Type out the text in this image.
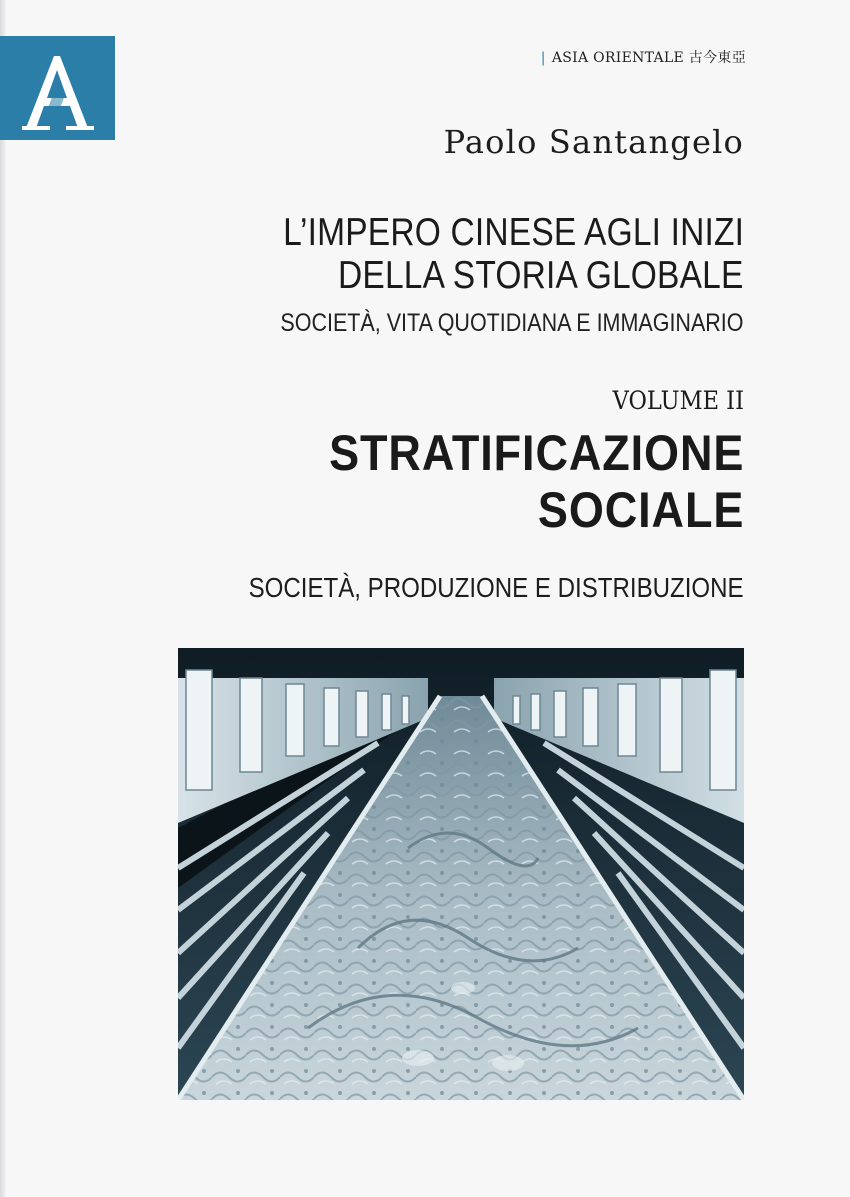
| ASIA ORIENTALE 古今東亞
Paolo Santangelo
L’IMPERO CINESE AGLI INIZI
DELLA STORIA GLOBALE
SOCIETÀ, VITA QUOTIDIANA E IMMAGINARIO
VOLUME II
STRATIFICAZIONE
SOCIALE
SOCIETÀ, PRODUZIONE E DISTRIBUZIONE
